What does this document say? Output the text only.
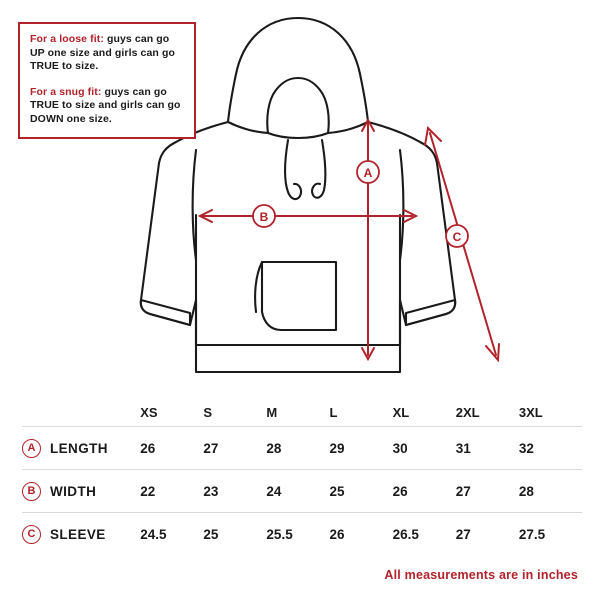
For a loose fit: guys can go UP one size and girls can go TRUE to size.

For a snug fit: guys can go TRUE to size and girls can go DOWN one size.

A
B
C
	XS	S	M	L	XL	2XL	3XL

A LENGTH	26	27	28	29	30	31	32

B WIDTH	22	23	24	25	26	27	28

C SLEEVE	24.5	25	25.5	26	26.5	27	27.5
All measurements are in inches
